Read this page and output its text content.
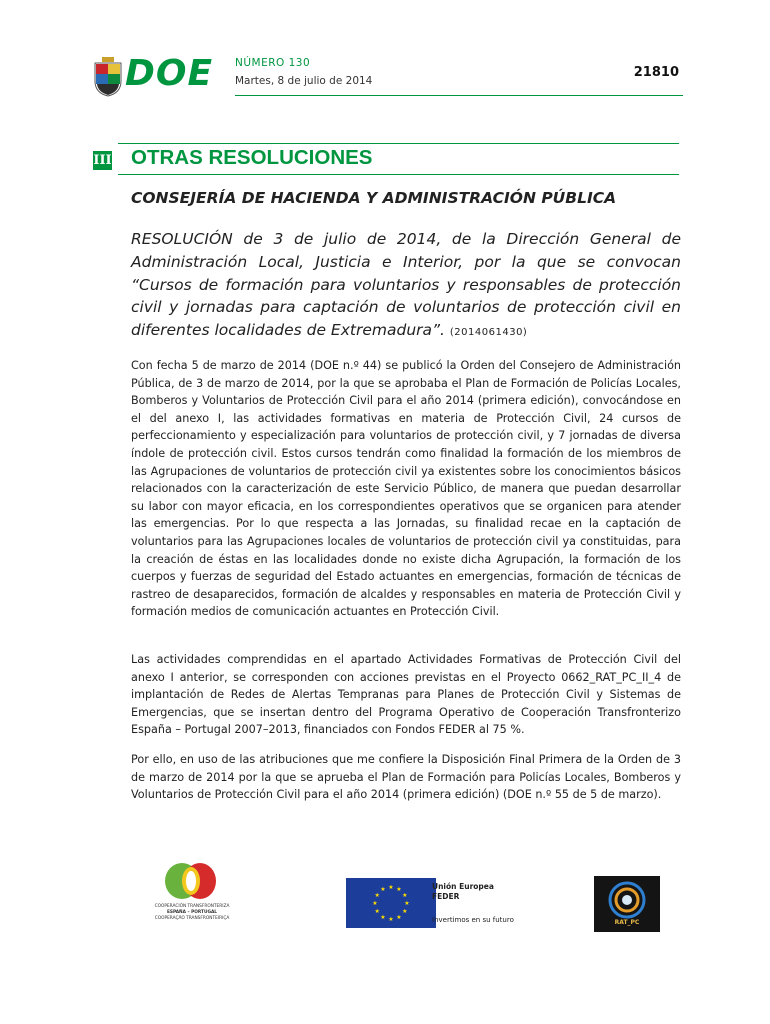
DOE NÚMERO 130
Martes, 8 de julio de 2014
21810
III OTRAS RESOLUCIONES
CONSEJERÍA DE HACIENDA Y ADMINISTRACIÓN PÚBLICA
RESOLUCIÓN de 3 de julio de 2014, de la Dirección General de Administración Local, Justicia e Interior, por la que se convocan “Cursos de formación para voluntarios y responsables de protección civil y jornadas para captación de voluntarios de protección civil en diferentes localidades de Extremadura”. (2014061430)
Con fecha 5 de marzo de 2014 (DOE n.º 44) se publicó la Orden del Consejero de Administración Pública, de 3 de marzo de 2014, por la que se aprobaba el Plan de Formación de Policías Locales, Bomberos y Voluntarios de Protección Civil para el año 2014 (primera edición), convocándose en el del anexo I, las actividades formativas en materia de Protección Civil, 24 cursos de perfeccionamiento y especialización para voluntarios de protección civil, y 7 jornadas de diversa índole de protección civil. Estos cursos tendrán como finalidad la formación de los miembros de las Agrupaciones de voluntarios de protección civil ya existentes sobre los conocimientos básicos relacionados con la caracterización de este Servicio Público, de manera que puedan desarrollar su labor con mayor eficacia, en los correspondientes operativos que se organicen para atender las emergencias. Por lo que respecta a las Jornadas, su finalidad recae en la captación de voluntarios para las Agrupaciones locales de voluntarios de protección civil ya constituidas, para la creación de éstas en las localidades donde no existe dicha Agrupación, la formación de los cuerpos y fuerzas de seguridad del Estado actuantes en emergencias, formación de técnicas de rastreo de desaparecidos, formación de alcaldes y responsables en materia de Protección Civil y formación medios de comunicación actuantes en Protección Civil.
Las actividades comprendidas en el apartado Actividades Formativas de Protección Civil del anexo I anterior, se corresponden con acciones previstas en el Proyecto 0662_RAT_PC_II_4 de implantación de Redes de Alertas Tempranas para Planes de Protección Civil y Sistemas de Emergencias, que se insertan dentro del Programa Operativo de Cooperación Transfronterizo España – Portugal 2007–2013, financiados con Fondos FEDER al 75 %.
Por ello, en uso de las atribuciones que me confiere la Disposición Final Primera de la Orden de 3 de marzo de 2014 por la que se aprueba el Plan de Formación para Policías Locales, Bomberos y Voluntarios de Protección Civil para el año 2014 (primera edición) (DOE n.º 55 de 5 de marzo).
COOPERACIÓN TRANSFRONTERIZA
ESPAÑA – PORTUGAL
COOPERAÇÃO TRANSFRONTEIRIÇA
★
★
★
★
★
★
★
★
★ ★ ★
★
Unión Europea
FEDER
Invertimos en su futuro	RAT_PC
